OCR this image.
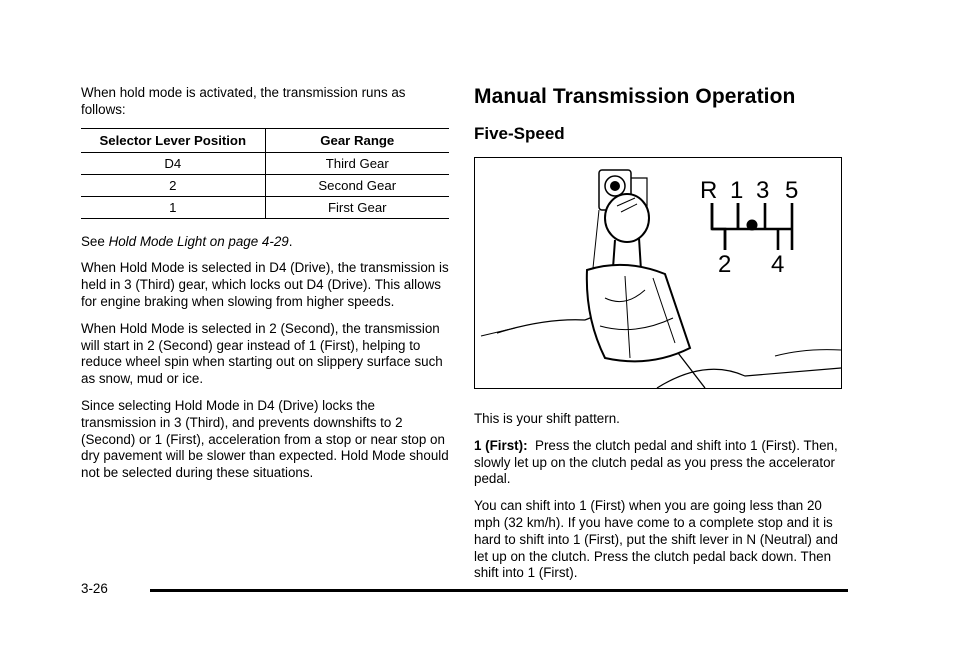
When hold mode is activated, the transmission runs as follows:

Selector Lever Position	Gear Range
D4	Third Gear
2	Second Gear
1	First Gear

See Hold Mode Light on page 4-29.

When Hold Mode is selected in D4 (Drive), the transmission is held in 3 (Third) gear, which locks out D4 (Drive). This allows for engine braking when slowing from higher speeds.

When Hold Mode is selected in 2 (Second), the transmission will start in 2 (Second) gear instead of 1 (First), helping to reduce wheel spin when starting out on slippery surface such as snow, mud or ice.

Since selecting Hold Mode in D4 (Drive) locks the transmission in 3 (Third), and prevents downshifts to 2 (Second) or 1 (First), acceleration from a stop or near stop on dry pavement will be slower than expected. Hold Mode should not be selected during these situations.

Manual Transmission Operation
Five-Speed
R 1 3 5
2 4

This is your shift pattern.

1 (First): Press the clutch pedal and shift into 1 (First). Then, slowly let up on the clutch pedal as you press the accelerator pedal.

You can shift into 1 (First) when you are going less than 20 mph (32 km/h). If you have come to a complete stop and it is hard to shift into 1 (First), put the shift lever in N (Neutral) and let up on the clutch. Press the clutch pedal back down. Then shift into 1 (First).

3-26
